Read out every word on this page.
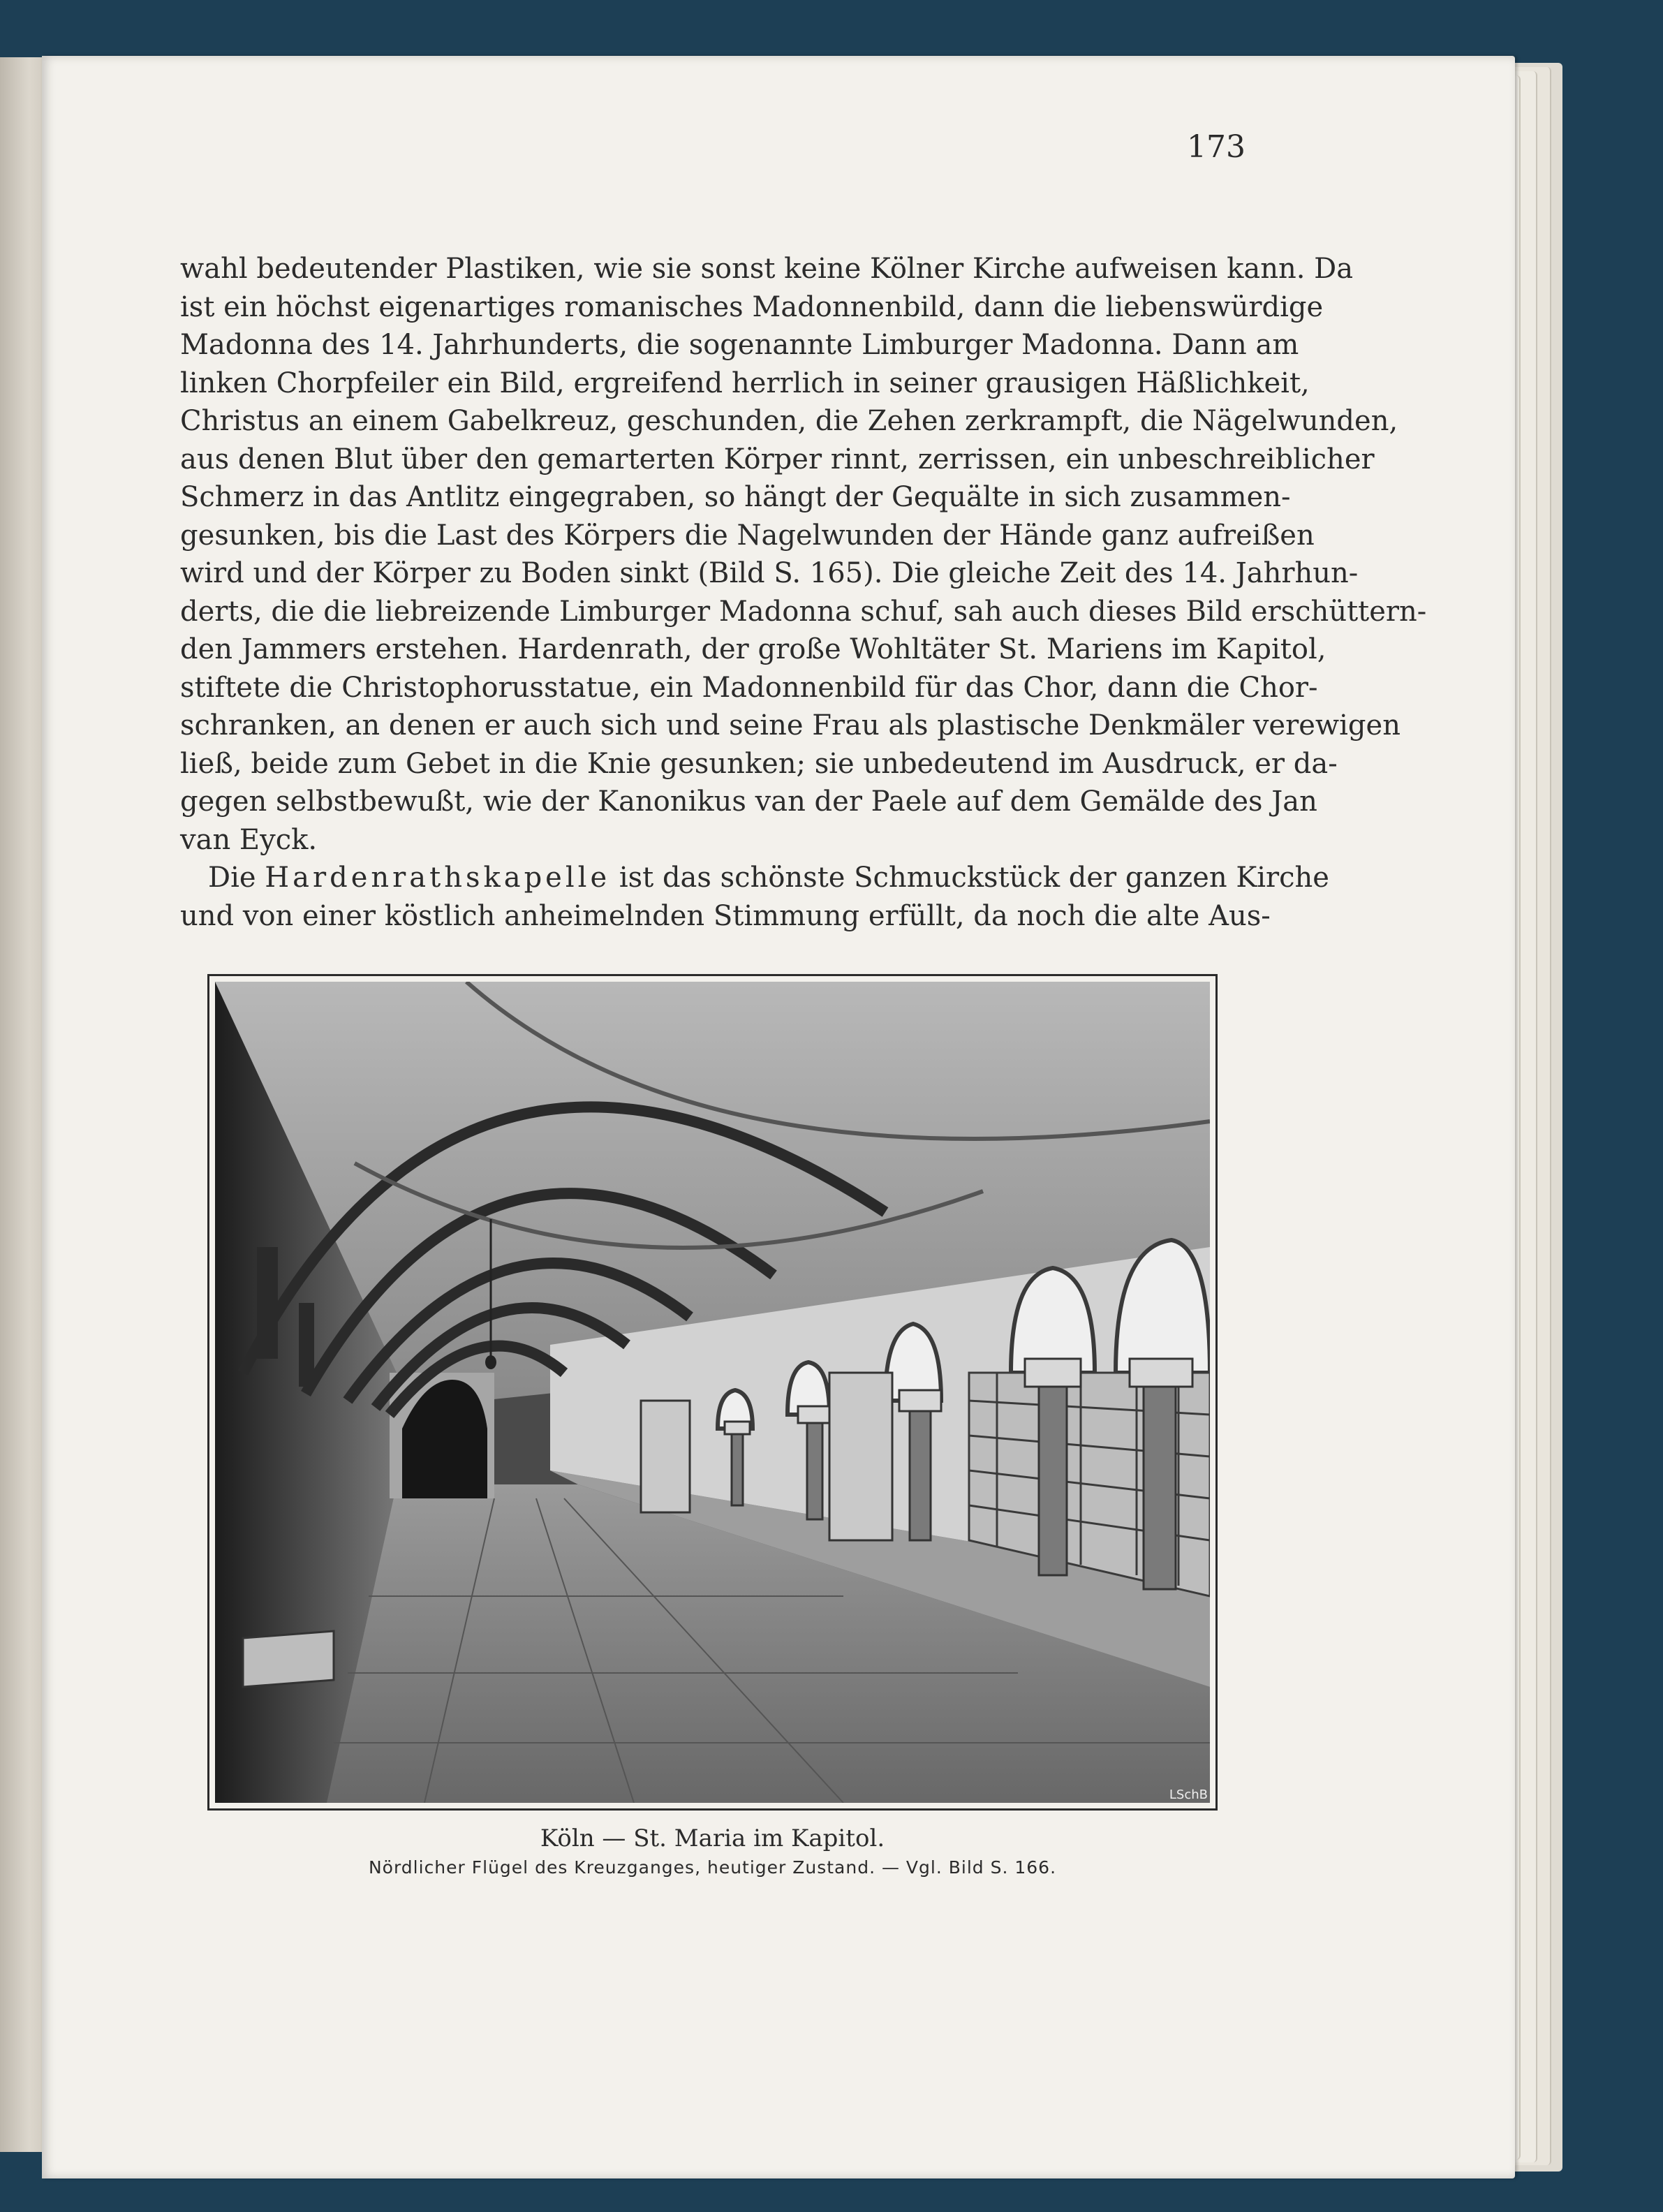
173
wahl bedeutender Plastiken, wie sie sonst keine Kölner Kirche aufweisen kann. Da
ist ein höchst eigenartiges romanisches Madonnenbild, dann die liebenswürdige
Madonna des 14. Jahrhunderts, die sogenannte Limburger Madonna. Dann am
linken Chorpfeiler ein Bild, ergreifend herrlich in seiner grausigen Häßlichkeit,
Christus an einem Gabelkreuz, geschunden, die Zehen zerkrampft, die Nägelwunden,
aus denen Blut über den gemarterten Körper rinnt, zerrissen, ein unbeschreiblicher
Schmerz in das Antlitz eingegraben, so hängt der Gequälte in sich zusammen-
gesunken, bis die Last des Körpers die Nagelwunden der Hände ganz aufreißen
wird und der Körper zu Boden sinkt (Bild S. 165). Die gleiche Zeit des 14. Jahrhun-
derts, die die liebreizende Limburger Madonna schuf, sah auch dieses Bild erschüttern-
den Jammers erstehen. Hardenrath, der große Wohltäter St. Mariens im Kapitol,
stiftete die Christophorusstatue, ein Madonnenbild für das Chor, dann die Chor-
schranken, an denen er auch sich und seine Frau als plastische Denkmäler verewigen
ließ, beide zum Gebet in die Knie gesunken; sie unbedeutend im Ausdruck, er da-
gegen selbstbewußt, wie der Kanonikus van der Paele auf dem Gemälde des Jan
van Eyck.
Die Hardenrathskapelle ist das schönste Schmuckstück der ganzen Kirche
und von einer köstlich anheimelnden Stimmung erfüllt, da noch die alte Aus-
Köln — St. Maria im Kapitol.
Nördlicher Flügel des Kreuzganges, heutiger Zustand. — Vgl. Bild S. 166.
LSchB
